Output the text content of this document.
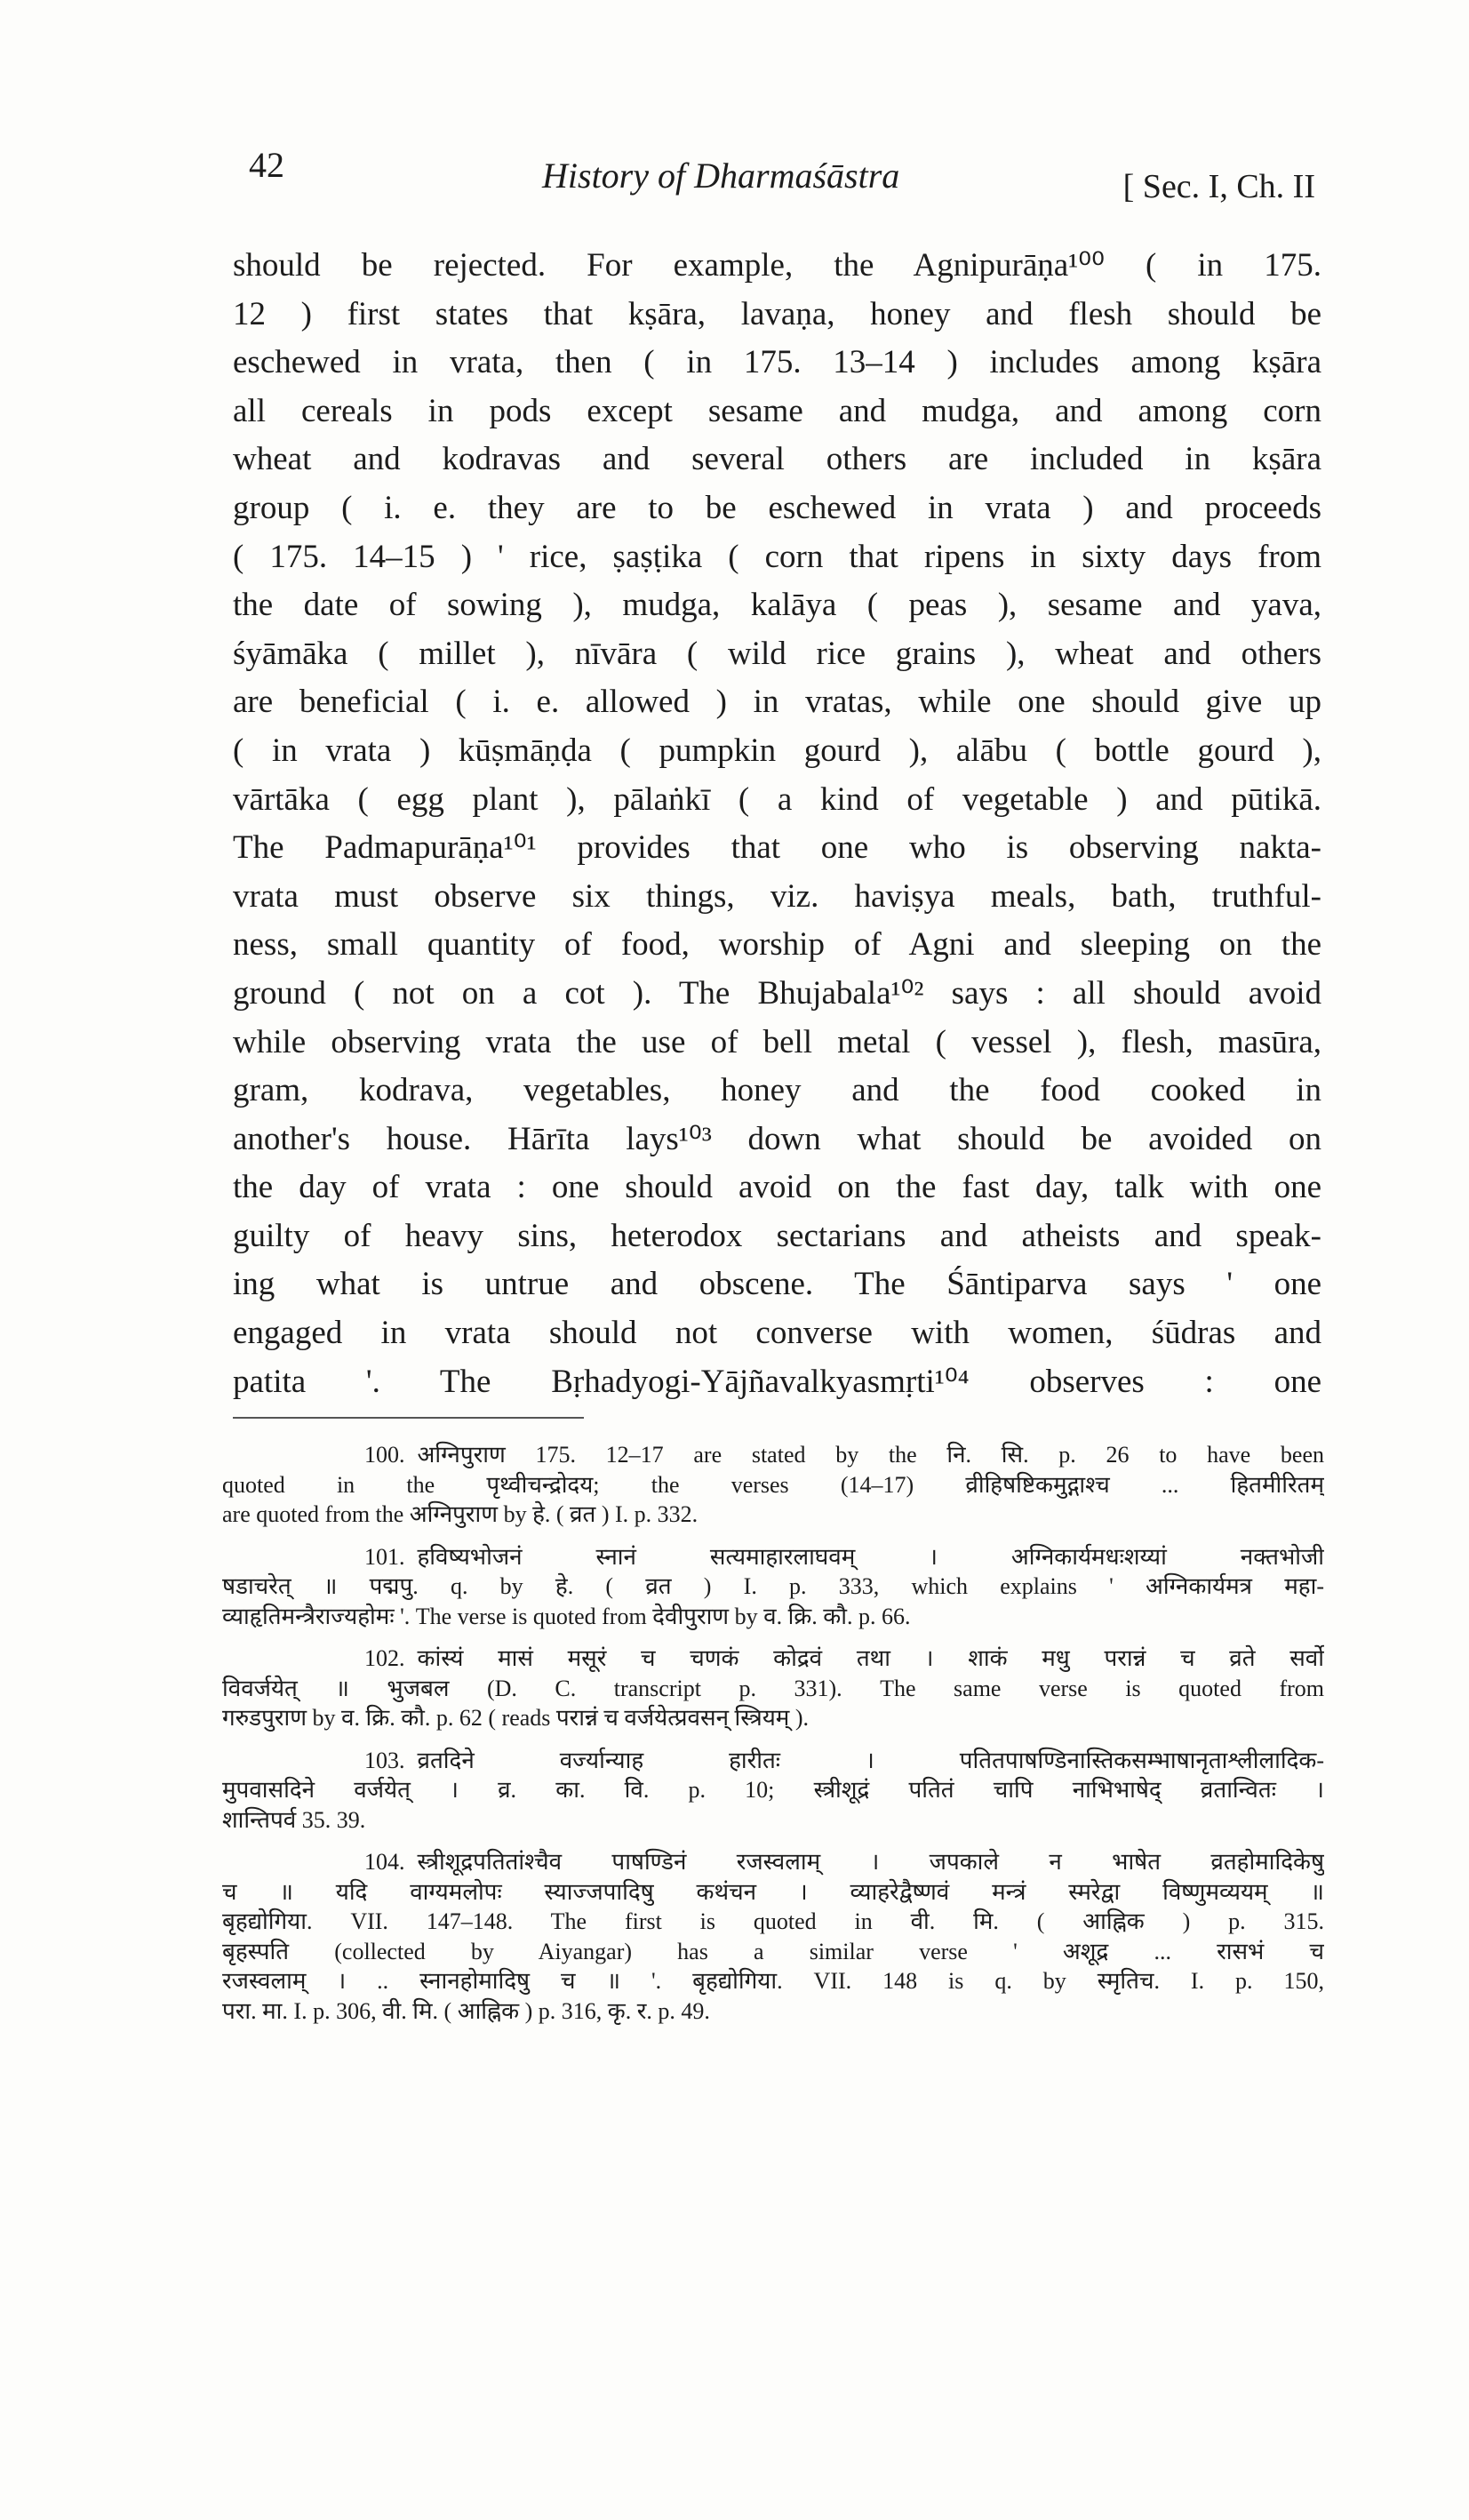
42	History of Dharmaśāstra	[ Sec. I, Ch. II
should be rejected. For example, the Agnipurāṇa¹⁰⁰ ( in 175.
12 ) first states that kṣāra, lavaṇa, honey and flesh should be
eschewed in vrata, then ( in 175. 13–14 ) includes among kṣāra
all cereals in pods except sesame and mudga, and among corn
wheat and kodravas and several others are included in kṣāra
group ( i. e. they are to be eschewed in vrata ) and proceeds
( 175. 14–15 ) ' rice, ṣaṣṭika ( corn that ripens in sixty days from
the date of sowing ), mudga, kalāya ( peas ), sesame and yava,
śyāmāka ( millet ), nīvāra ( wild rice grains ), wheat and others
are beneficial ( i. e. allowed ) in vratas, while one should give up
( in vrata ) kūṣmāṇḍa ( pumpkin gourd ), alābu ( bottle gourd ),
vārtāka ( egg plant ), pālaṅkī ( a kind of vegetable ) and pūtikā.
The Padmapurāṇa¹⁰¹ provides that one who is observing nakta-
vrata must observe six things, viz. haviṣya meals, bath, truthful-
ness, small quantity of food, worship of Agni and sleeping on the
ground ( not on a cot ). The Bhujabala¹⁰² says : all should avoid
while observing vrata the use of bell metal ( vessel ), flesh, masūra,
gram, kodrava, vegetables, honey and the food cooked in
another's house. Hārīta lays¹⁰³ down what should be avoided on
the day of vrata : one should avoid on the fast day, talk with one
guilty of heavy sins, heterodox sectarians and atheists and speak-
ing what is untrue and obscene. The Śāntiparva says ' one
engaged in vrata should not converse with women, śūdras and
patita '. The Bṛhadyogi-Yājñavalkyasmṛti¹⁰⁴ observes : one
100. अग्निपुराण 175. 12–17 are stated by the नि. सि. p. 26 to have been
quoted in the पृथ्वीचन्द्रोदय; the verses (14–17) व्रीहिषष्टिकमुद्गाश्च ... हितमीरितम्
are quoted from the अग्निपुराण by हे. ( व्रत ) I. p. 332.
101. हविष्यभोजनं स्नानं सत्यमाहारलाघवम् । अग्निकार्यमधःशय्यां नक्तभोजी
षडाचरेत् ॥ पद्मपु. q. by हे. ( व्रत ) I. p. 333, which explains ' अग्निकार्यमत्र महा-
व्याहृतिमन्त्रैराज्यहोमः '. The verse is quoted from देवीपुराण by व. क्रि. कौ. p. 66.
102. कांस्यं मासं मसूरं च चणकं कोद्रवं तथा । शाकं मधु परान्नं च व्रते सर्वो
विवर्जयेत् ॥ भुजबल (D. C. transcript p. 331). The same verse is quoted from
गरुडपुराण by व. क्रि. कौ. p. 62 ( reads परान्नं च वर्जयेत्प्रवसन् स्त्रियम् ).
103. व्रतदिने वर्ज्यान्याह हारीतः । पतितपाषण्डिनास्तिकसम्भाषानृताश्लीलादिक-
मुपवासदिने वर्जयेत् । व्र. का. वि. p. 10; स्त्रीशूद्रं पतितं चापि नाभिभाषेद् व्रतान्वितः ।
शान्तिपर्व 35. 39.
104. स्त्रीशूद्रपतितांश्चैव पाषण्डिनं रजस्वलाम् । जपकाले न भाषेत व्रतहोमादिकेषु
च ॥ यदि वाग्यमलोपः स्याज्जपादिषु कथंचन । व्याहरेद्वैष्णवं मन्त्रं स्मरेद्वा विष्णुमव्ययम् ॥
बृहद्योगिया. VII. 147–148. The first is quoted in वी. मि. ( आह्निक ) p. 315.
बृहस्पति (collected by Aiyangar) has a similar verse ' अशूद्र ... रासभं च
रजस्वलाम् । .. स्नानहोमादिषु च ॥ '. बृहद्योगिया. VII. 148 is q. by स्मृतिच. I. p. 150,
परा. मा. I. p. 306, वी. मि. ( आह्निक ) p. 316, कृ. र. p. 49.
